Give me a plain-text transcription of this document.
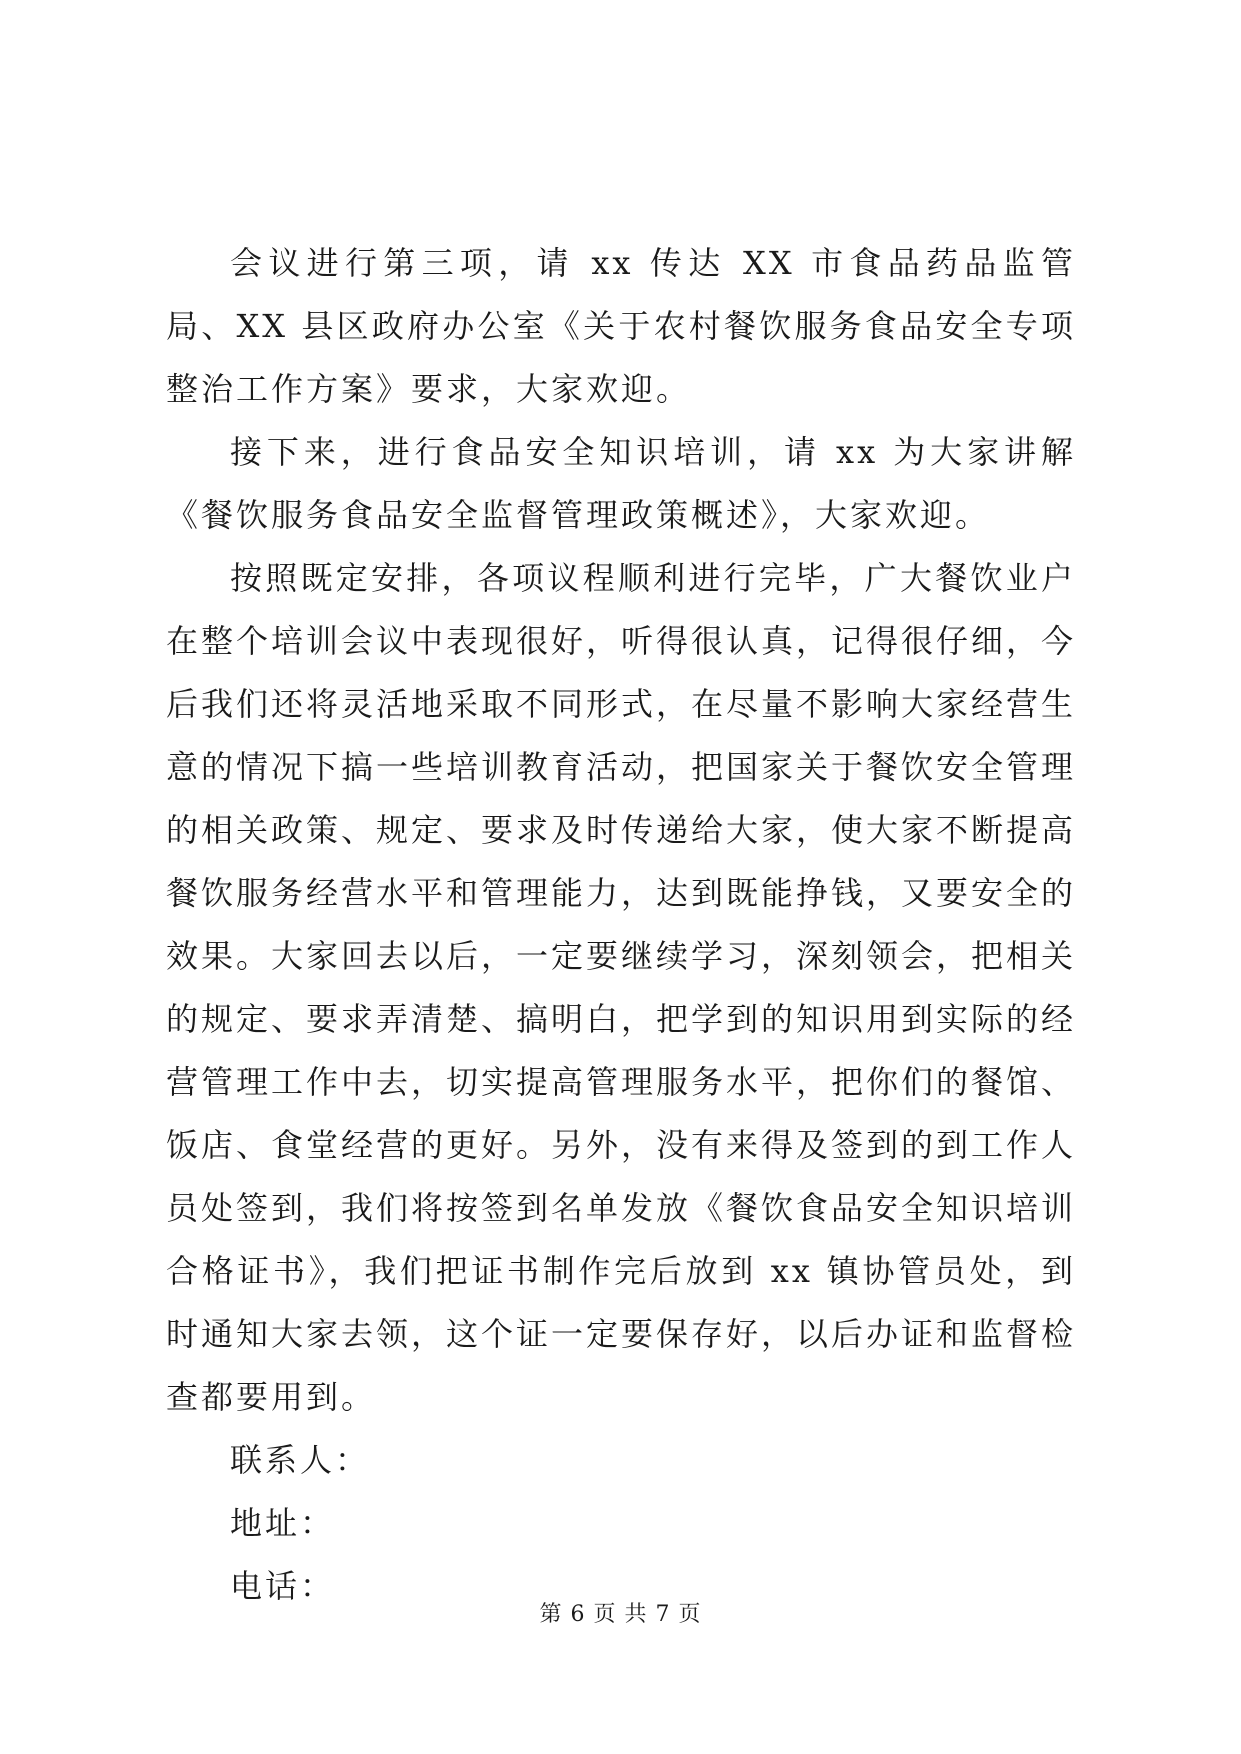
会议进行第三项，请 xx 传达 XX 市食品药品监管局、XX 县区政府办公室《关于农村餐饮服务食品安全专项整治工作方案》要求，大家欢迎。

接下来，进行食品安全知识培训，请 xx 为大家讲解《餐饮服务食品安全监督管理政策概述》，大家欢迎。

按照既定安排，各项议程顺利进行完毕，广大餐饮业户在整个培训会议中表现很好，听得很认真，记得很仔细，今后我们还将灵活地采取不同形式，在尽量不影响大家经营生意的情况下搞一些培训教育活动，把国家关于餐饮安全管理的相关政策、规定、要求及时传递给大家，使大家不断提高餐饮服务经营水平和管理能力，达到既能挣钱，又要安全的效果。大家回去以后，一定要继续学习，深刻领会，把相关的规定、要求弄清楚、搞明白，把学到的知识用到实际的经营管理工作中去，切实提高管理服务水平，把你们的餐馆、饭店、食堂经营的更好。另外，没有来得及签到的到工作人员处签到，我们将按签到名单发放《餐饮食品安全知识培训合格证书》，我们把证书制作完后放到 xx 镇协管员处，到时通知大家去领，这个证一定要保存好，以后办证和监督检查都要用到。

联系人：

地址：

电话：

第 6 页 共 7 页
